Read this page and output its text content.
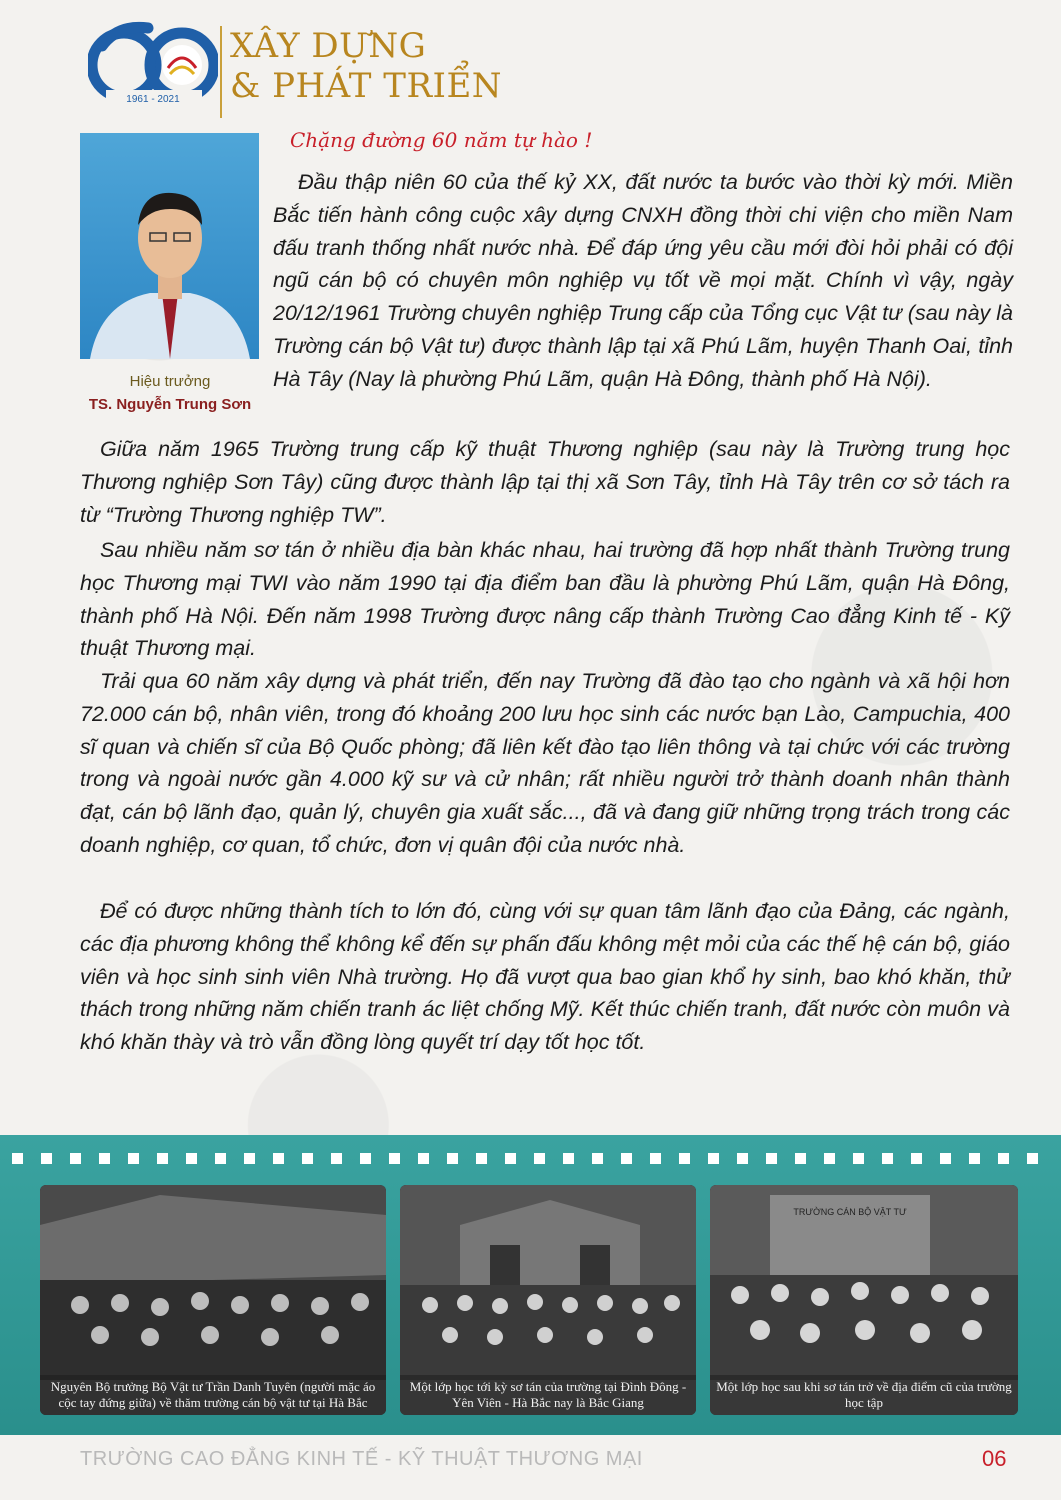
1961 - 2021
XÂY DỰNG
& PHÁT TRIỂN
Hiệu trưởng
TS. Nguyễn Trung Sơn
Chặng đường 60 năm tự hào !

Đầu thập niên 60 của thế kỷ XX, đất nước ta bước vào thời kỳ mới. Miền Bắc tiến hành công cuộc xây dựng CNXH đồng thời chi viện cho miền Nam đấu tranh thống nhất nước nhà. Để đáp ứng yêu cầu mới đòi hỏi phải có đội ngũ cán bộ có chuyên môn nghiệp vụ tốt về mọi mặt. Chính vì vậy, ngày 20/12/1961 Trường chuyên nghiệp Trung cấp của Tổng cục Vật tư (sau này là Trường cán bộ Vật tư) được thành lập tại xã Phú Lãm, huyện Thanh Oai, tỉnh Hà Tây (Nay là phường Phú Lãm, quận Hà Đông, thành phố Hà Nội).

Giữa năm 1965 Trường trung cấp kỹ thuật Thương nghiệp (sau này là Trường trung học Thương nghiệp Sơn Tây) cũng được thành lập tại thị xã Sơn Tây, tỉnh Hà Tây trên cơ sở tách ra từ “Trường Thương nghiệp TW”.

Sau nhiều năm sơ tán ở nhiều địa bàn khác nhau, hai trường đã hợp nhất thành Trường trung học Thương mại TWI vào năm 1990 tại địa điểm ban đầu là phường Phú Lãm, quận Hà Đông, thành phố Hà Nội. Đến năm 1998 Trường được nâng cấp thành Trường Cao đẳng Kinh tế - Kỹ thuật Thương mại.

Trải qua 60 năm xây dựng và phát triển, đến nay Trường đã đào tạo cho ngành và xã hội hơn 72.000 cán bộ, nhân viên, trong đó khoảng 200 lưu học sinh các nước bạn Lào, Campuchia, 400 sĩ quan và chiến sĩ của Bộ Quốc phòng; đã liên kết đào tạo liên thông và tại chức với các trường trong và ngoài nước gần 4.000 kỹ sư và cử nhân; rất nhiều người trở thành doanh nhân thành đạt, cán bộ lãnh đạo, quản lý, chuyên gia xuất sắc..., đã và đang giữ những trọng trách trong các doanh nghiệp, cơ quan, tổ chức, đơn vị quân đội của nước nhà.

Để có được những thành tích to lớn đó, cùng với sự quan tâm lãnh đạo của Đảng, các ngành, các địa phương không thể không kể đến sự phấn đấu không mệt mỏi của các thế hệ cán bộ, giáo viên và học sinh sinh viên Nhà trường. Họ đã vượt qua bao gian khổ hy sinh, bao khó khăn, thử thách trong những năm chiến tranh ác liệt chống Mỹ. Kết thúc chiến tranh, đất nước còn muôn và khó khăn thày và trò vẫn đồng lòng quyết trí dạy tốt học tốt.

Nguyên Bộ trưởng Bộ Vật tư Trần Danh Tuyên (người mặc áo cộc tay đứng giữa) về thăm trường cán bộ vật tư tại Hà Bắc
Một lớp học tới kỳ sơ tán của trường tại Đình Đông - Yên Viên - Hà Bắc nay là Bắc Giang
TRƯỜNG CÁN BỘ VẬT TƯ
Một lớp học sau khi sơ tán trở về địa điểm cũ của trường học tập
TRƯỜNG CAO ĐẲNG KINH TẾ - KỸ THUẬT THƯƠNG MẠI	06
